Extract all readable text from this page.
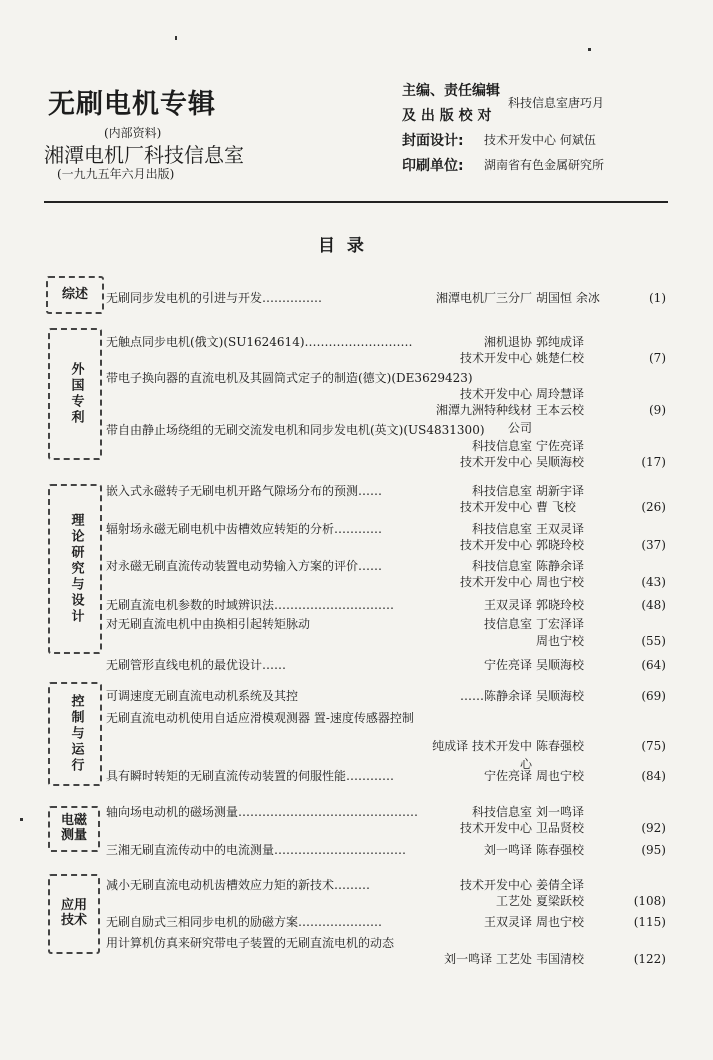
无刷电机专辑
(内部资料)
湘潭电机厂科技信息室
(一九九五年六月出版)
主编、责任编辑
及 出 版 校 对
科技信息室唐巧月
封面设计: 技术开发中心 何斌伍
印刷单位: 湖南省有色金属研究所
目 录
综述
外国专利
理论研究与设计
控制与运行
电磁测量
应用技术
无刷同步发电机的引进与开发……………	湘潭电机厂三分厂 胡国恒 余冰	(1)
无触点同步电机(俄文)(SU1624614)………………………	湘机退协 郭纯成译
技术开发中心 姚楚仁校	(7)
带电子换向器的直流电机及其圆筒式定子的制造(德文)(DE3629423)
技术开发中心 周玲慧译
湘潭九洲特种线材公司
王本云校	(9)
带自由静止场绕组的无刷交流发电机和同步发电机(英文)(US4831300)
科技信息室 宁佐亮译
技术开发中心 吴顺海校	(17)
嵌入式永磁转子无刷电机开路气隙场分布的预测……	科技信息室 胡新宇译
技术开发中心 曹 飞校	(26)
辐射场永磁无刷电机中齿槽效应转矩的分析…………	科技信息室 王双灵译
技术开发中心 郭晓玲校	(37)
对永磁无刷直流传动装置电动势输入方案的评价……	科技信息室 陈静余译
技术开发中心 周也宁校	(43)
无刷直流电机参数的时域辨识法…………………………	王双灵译 郭晓玲校	(48)
对无刷直流电机中由换相引起转矩脉动	技信息室 丁宏泽译
周也宁校	(55)
无刷管形直线电机的最优设计……	宁佐亮译 吴顺海校	(64)
可调速度无刷直流电动机系统及其控	……陈静余译 吴顺海校	(69)
无刷直流电动机使用自适应滑模观测器 置-速度传感器控制
纯成译 技术开发中心
陈春强校	(75)
具有瞬时转矩的无刷直流传动装置的伺服性能…………	宁佐亮译 周也宁校	(84)
轴向场电动机的磁场测量………………………………………	科技信息室 刘一鸣译
技术开发中心 卫品贤校	(92)
三湘无刷直流传动中的电流测量……………………………	刘一鸣译 陈春强校	(95)
减小无刷直流电动机齿槽效应力矩的新技术………	技术开发中心 姜倩全译
工艺处 夏梁跃校	(108)
无刷自励式三相同步电机的励磁方案…………………	王双灵译 周也宁校	(115)
用计算机仿真来研究带电子装置的无刷直流电机的动态
刘一鸣译 工艺处 韦国清校	(122)
